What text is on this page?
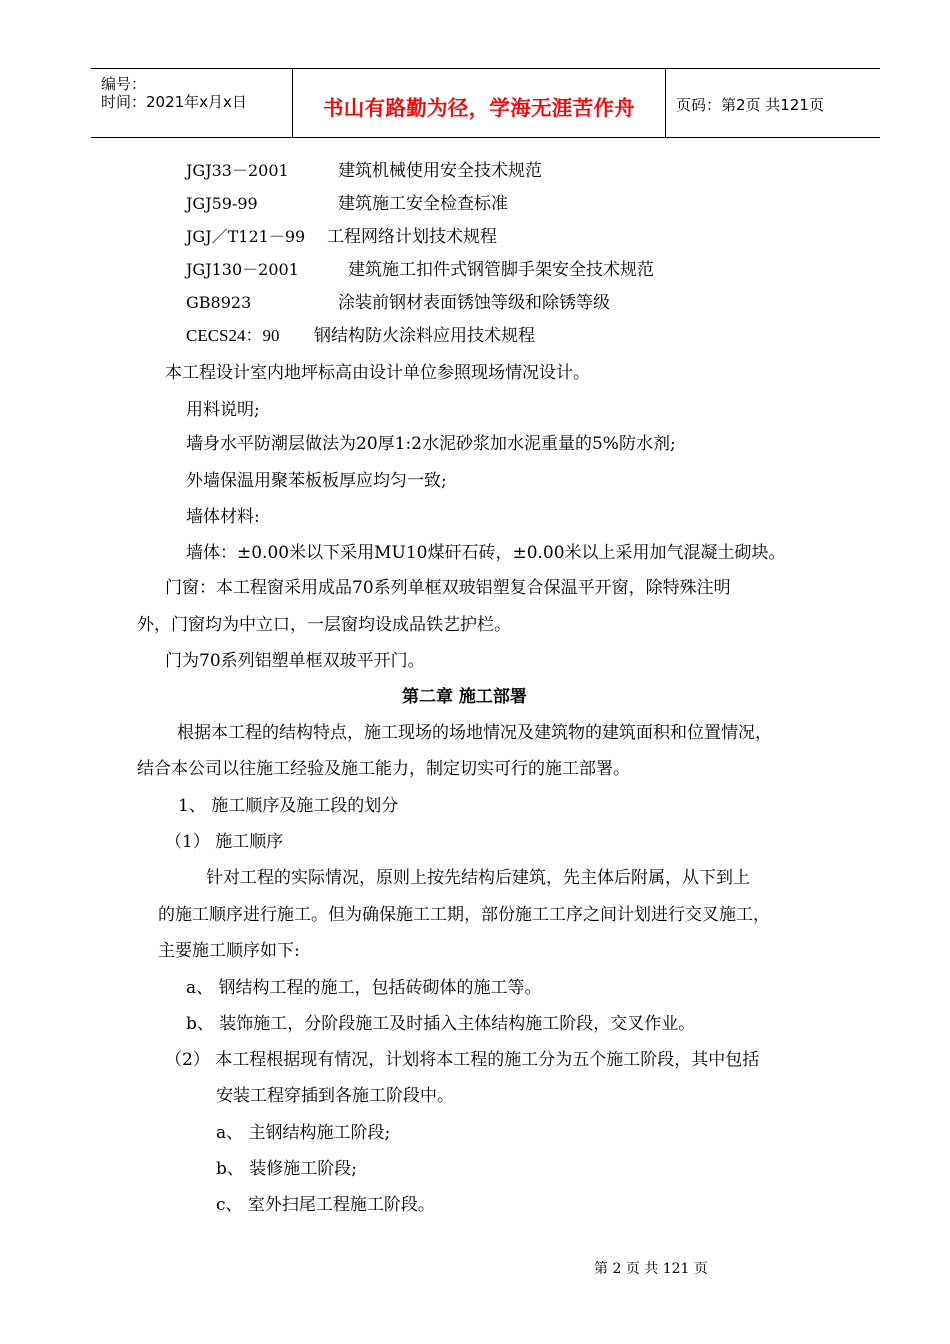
编号：
时间：2021年x月x日	书山有路勤为径，学海无涯苦作舟	页码：第2页 共121页
JGJ33－2001	建筑机械使用安全技术规范
JGJ59-99	建筑施工安全检查标准
JGJ／T121－99 工程网络计划技术规程
JGJ130－2001	建筑施工扣件式钢管脚手架安全技术规范
GB8923	涂装前钢材表面锈蚀等级和除锈等级
CECS24：90 钢结构防火涂料应用技术规程
本工程设计室内地坪标高由设计单位参照现场情况设计。
用料说明;
墙身水平防潮层做法为20厚1:2水泥砂浆加水泥重量的5%防水剂;
外墙保温用聚苯板板厚应均匀一致;
墙体材料:
墙体：±0.00米以下采用MU10煤矸石砖，±0.00米以上采用加气混凝土砌块。
门窗：本工程窗采用成品70系列单框双玻铝塑复合保温平开窗，除特殊注明
外，门窗均为中立口，一层窗均设成品铁艺护栏。
门为70系列铝塑单框双玻平开门。
第二章 施工部署
根据本工程的结构特点，施工现场的场地情况及建筑物的建筑面积和位置情况，
结合本公司以往施工经验及施工能力，制定切实可行的施工部署。
1、 施工顺序及施工段的划分
（1） 施工顺序
针对工程的实际情况，原则上按先结构后建筑，先主体后附属，从下到上
的施工顺序进行施工。但为确保施工工期，部份施工工序之间计划进行交叉施工，
主要施工顺序如下:
a、 钢结构工程的施工，包括砖砌体的施工等。
b、 装饰施工，分阶段施工及时插入主体结构施工阶段，交叉作业。
（2） 本工程根据现有情况，计划将本工程的施工分为五个施工阶段，其中包括
安装工程穿插到各施工阶段中。
a、 主钢结构施工阶段;
b、 装修施工阶段;
c、 室外扫尾工程施工阶段。
第 2 页 共 121 页
